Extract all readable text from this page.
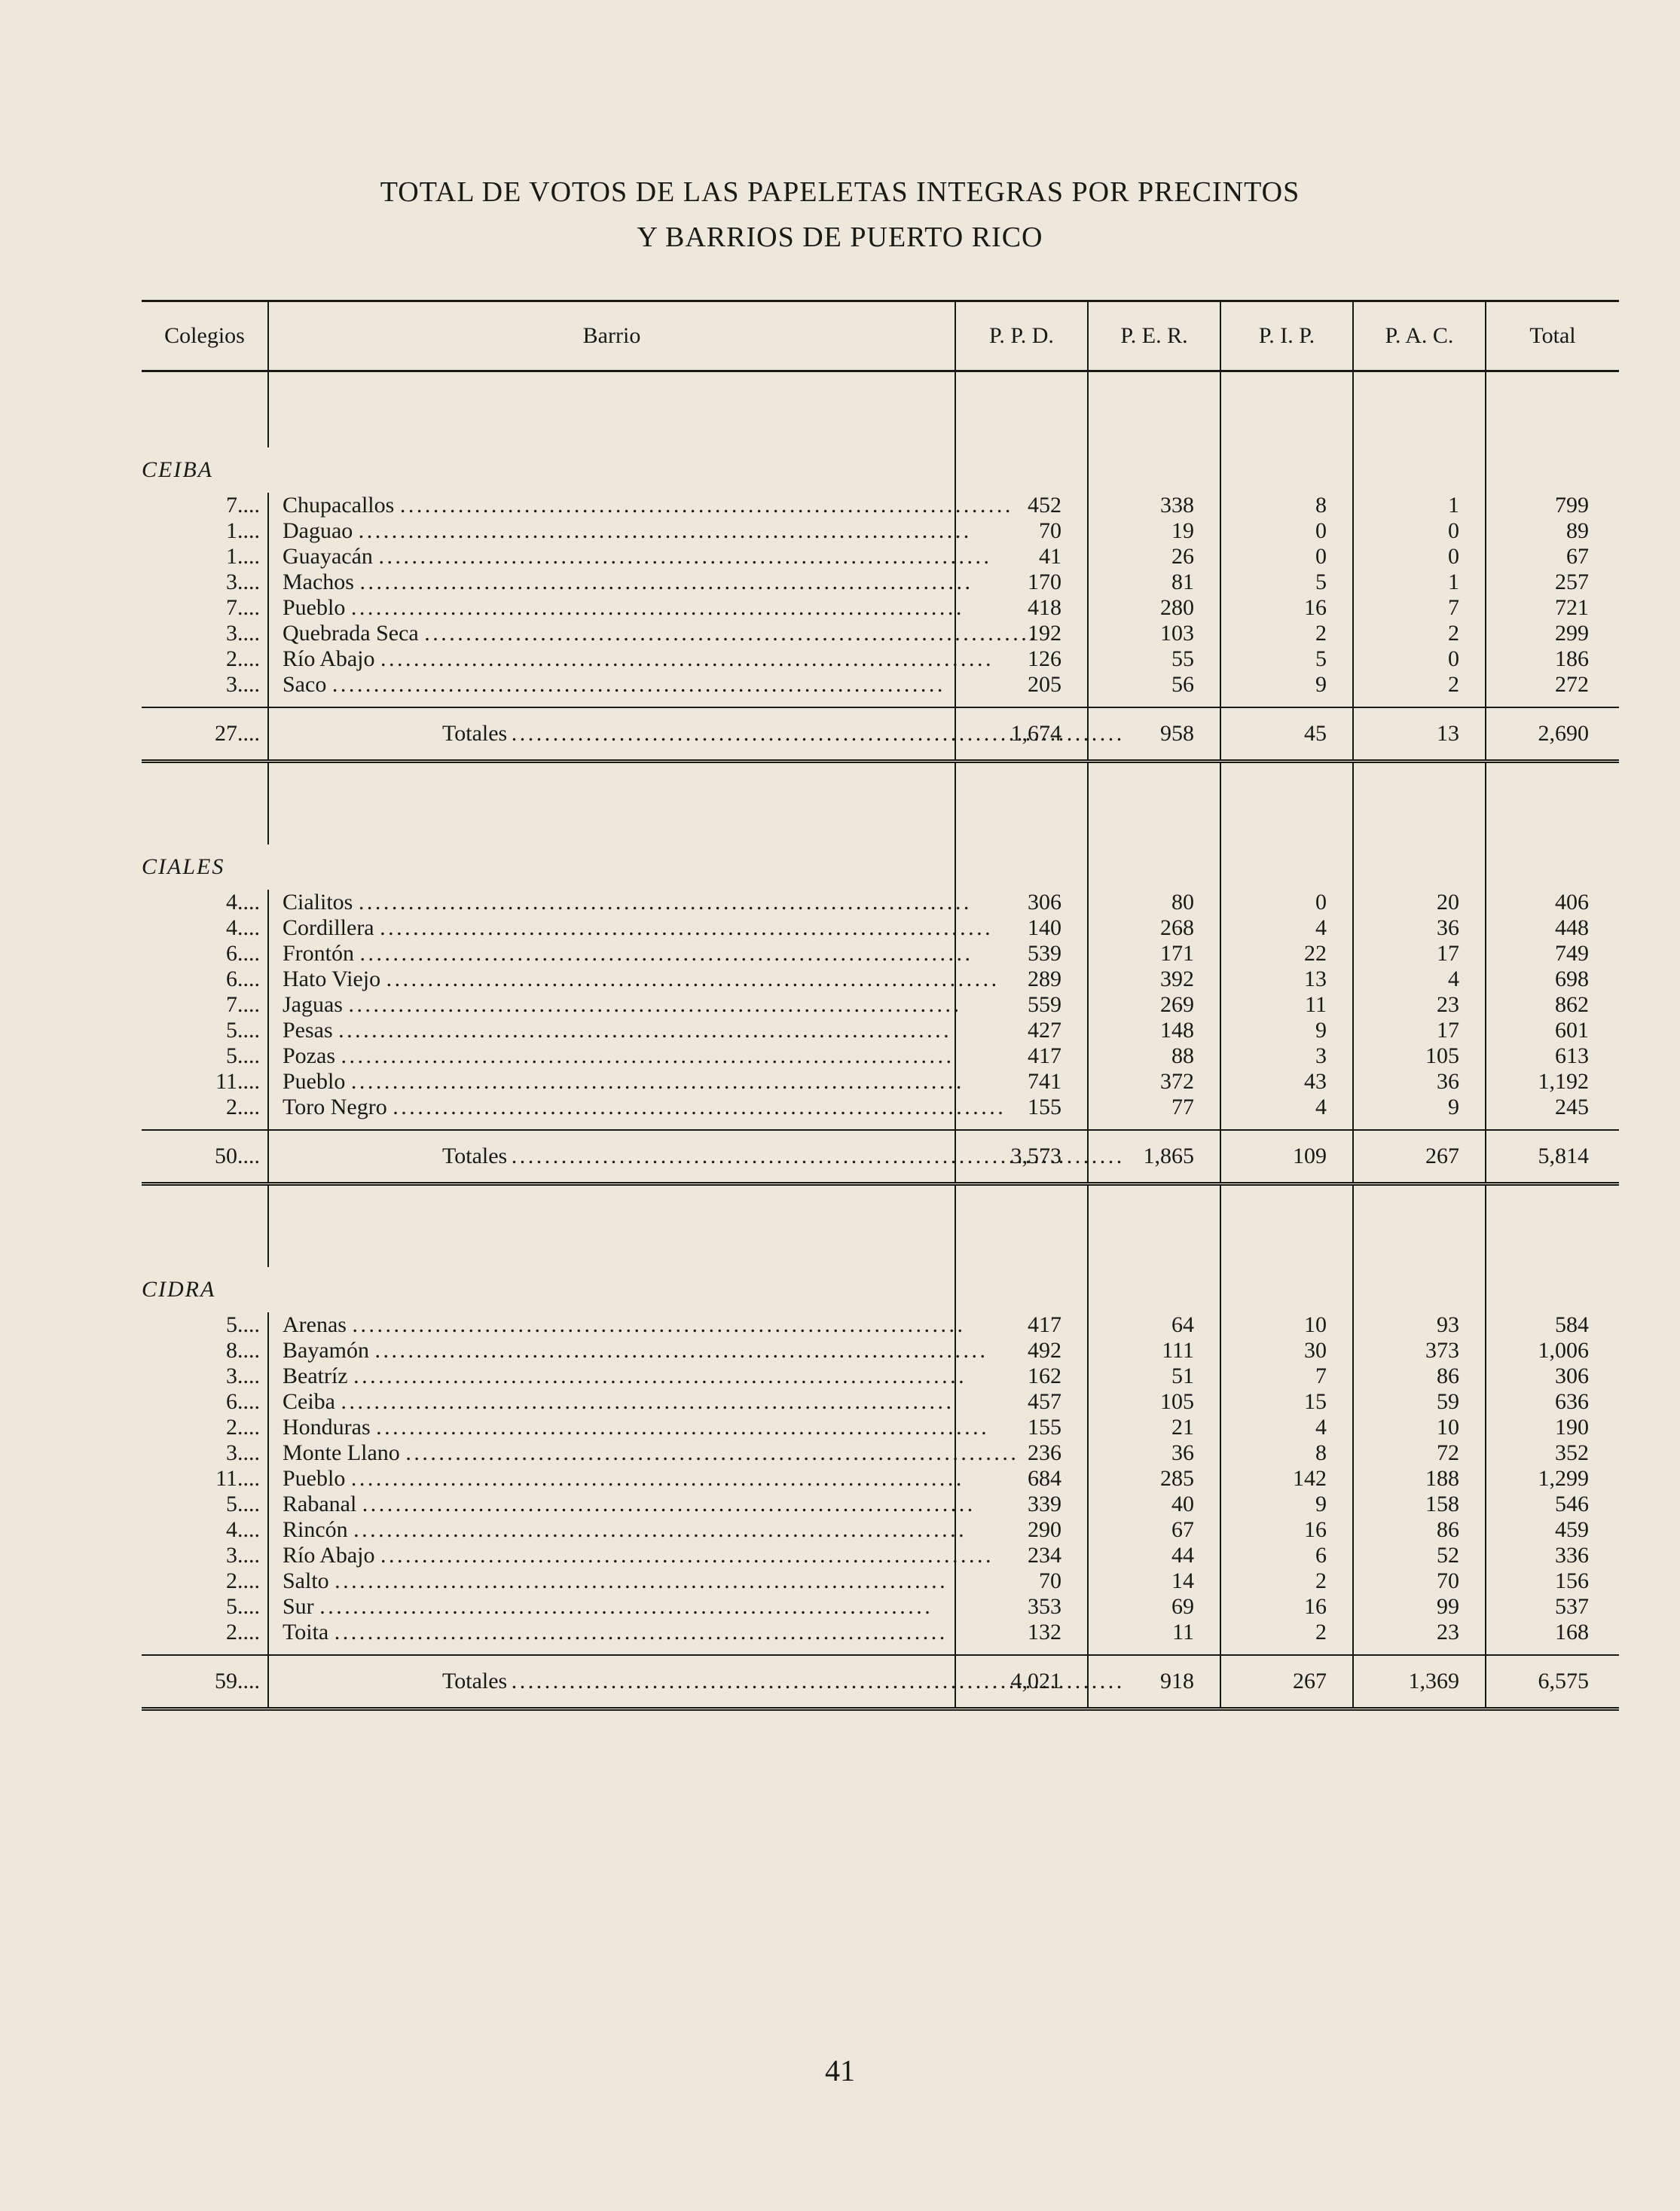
TOTAL DE VOTOS DE LAS PAPELETAS INTEGRAS POR PRECINTOS
Y BARRIOS DE PUERTO RICO

Colegios	Barrio	P. P. D.	P. E. R.	P. I. P.	P. A. C.	Total

CEIBA						
7....	Chupacallos . . .	452	338	8	1	799
1....	Daguao . . .	70	19	0	0	89
1....	Guayacán . . .	41	26	0	0	67
3....	Machos . . .	170	81	5	1	257
7....	Pueblo . . .	418	280	16	7	721
3....	Quebrada Seca . . .	192	103	2	2	299
2....	Río Abajo . . .	126	55	5	0	186
3....	Saco . . .	205	56	9	2	272

27....	Totales . . .	1,674	958	45	13	2,690

CIALES						
4....	Cialitos . . .	306	80	0	20	406
4....	Cordillera . . .	140	268	4	36	448
6....	Frontón . . .	539	171	22	17	749
6....	Hato Viejo . . .	289	392	13	4	698
7....	Jaguas . . .	559	269	11	23	862
5....	Pesas . . .	427	148	9	17	601
5....	Pozas . . .	417	88	3	105	613
11....	Pueblo . . .	741	372	43	36	1,192
2....	Toro Negro . . .	155	77	4	9	245

50....	Totales . . .	3,573	1,865	109	267	5,814

CIDRA						
5....	Arenas . . .	417	64	10	93	584
8....	Bayamón . . .	492	111	30	373	1,006
3....	Beatríz . . .	162	51	7	86	306
6....	Ceiba . . .	457	105	15	59	636
2....	Honduras . . .	155	21	4	10	190
3....	Monte Llano . . .	236	36	8	72	352
11....	Pueblo . . .	684	285	142	188	1,299
5....	Rabanal . . .	339	40	9	158	546
4....	Rincón . . .	290	67	16	86	459
3....	Río Abajo . . .	234	44	6	52	336
2....	Salto . . .	70	14	2	70	156
5....	Sur . . .	353	69	16	99	537
2....	Toita . . .	132	11	2	23	168

59....	Totales . . .	4,021	918	267	1,369	6,575
41
